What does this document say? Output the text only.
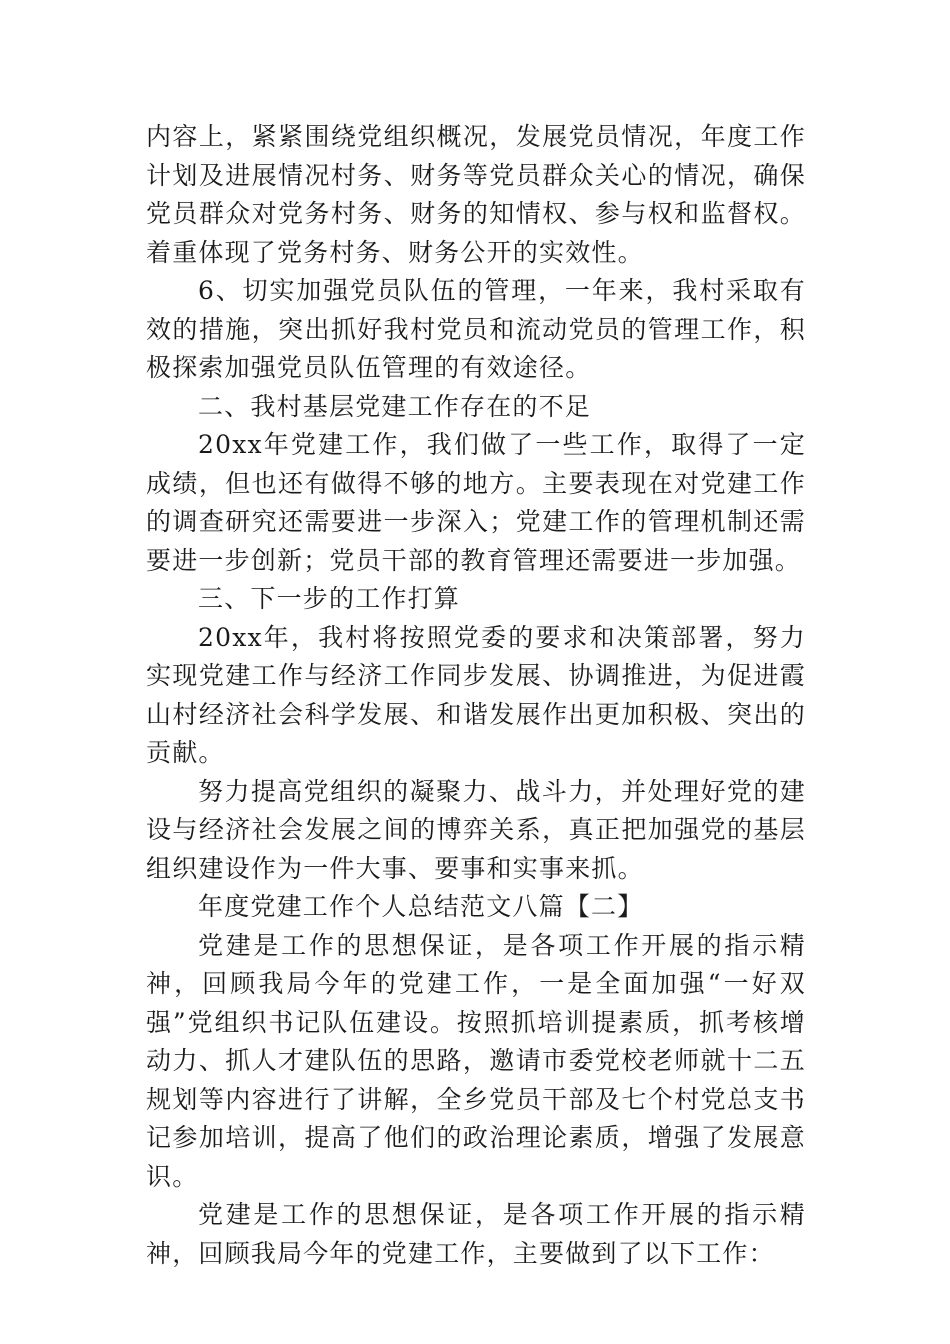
内容上，紧紧围绕党组织概况，发展党员情况，年度工作计划及进展情况村务、财务等党员群众关心的情况，确保党员群众对党务村务、财务的知情权、参与权和监督权。着重体现了党务村务、财务公开的实效性。

6、切实加强党员队伍的管理，一年来，我村采取有效的措施，突出抓好我村党员和流动党员的管理工作，积极探索加强党员队伍管理的有效途径。

二、我村基层党建工作存在的不足

20xx年党建工作，我们做了一些工作，取得了一定成绩，但也还有做得不够的地方。主要表现在对党建工作的调查研究还需要进一步深入；党建工作的管理机制还需要进一步创新；党员干部的教育管理还需要进一步加强。

三、下一步的工作打算

20xx年，我村将按照党委的要求和决策部署，努力实现党建工作与经济工作同步发展、协调推进，为促进霞山村经济社会科学发展、和谐发展作出更加积极、突出的贡献。

努力提高党组织的凝聚力、战斗力，并处理好党的建设与经济社会发展之间的博弈关系，真正把加强党的基层组织建设作为一件大事、要事和实事来抓。

年度党建工作个人总结范文八篇【二】

党建是工作的思想保证，是各项工作开展的指示精神，回顾我局今年的党建工作，一是全面加强“一好双强”党组织书记队伍建设。按照抓培训提素质，抓考核增动力、抓人才建队伍的思路，邀请市委党校老师就十二五规划等内容进行了讲解，全乡党员干部及七个村党总支书记参加培训，提高了他们的政治理论素质，增强了发展意识。

党建是工作的思想保证，是各项工作开展的指示精神，回顾我局今年的党建工作，主要做到了以下工作：
